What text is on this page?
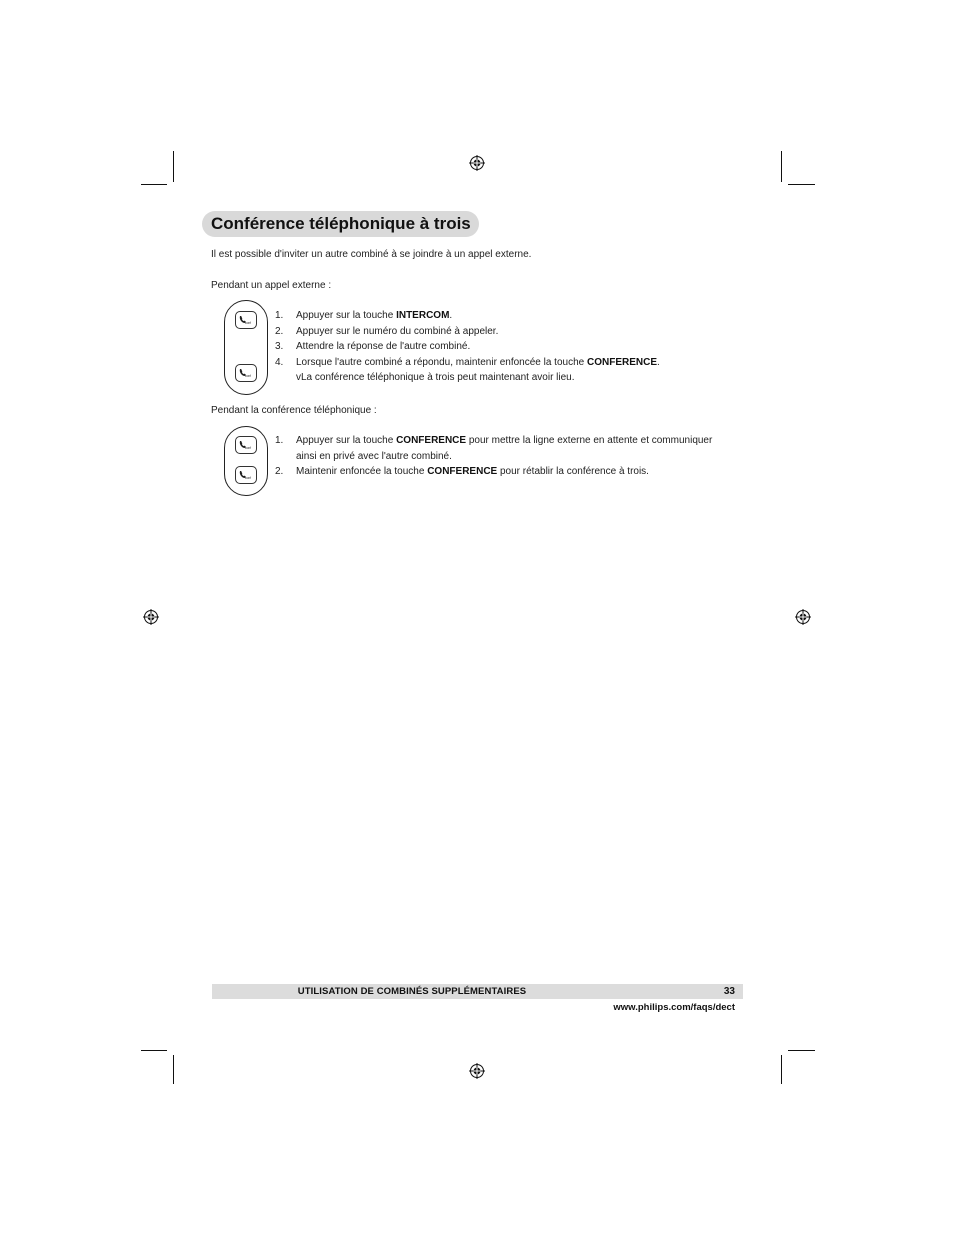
Conférence téléphonique à trois
Il est possible d'inviter un autre combiné à se joindre à un appel externe.
Pendant un appel externe :
conf
conf
1. Appuyer sur la touche INTERCOM.
2. Appuyer sur le numéro du combiné à appeler.
3. Attendre la réponse de l'autre combiné.
4. Lorsque l'autre combiné a répondu, maintenir enfoncée la touche CONFERENCE.
vLa conférence téléphonique à trois peut maintenant avoir lieu.
Pendant la conférence téléphonique :
conf
conf
1. Appuyer sur la touche CONFERENCE pour mettre la ligne externe en attente et communiquer
ainsi en privé avec l'autre combiné.
2. Maintenir enfoncée la touche CONFERENCE pour rétablir la conférence à trois.
UTILISATION DE COMBINÉS SUPPLÉMENTAIRES	33
www.philips.com/faqs/dect
